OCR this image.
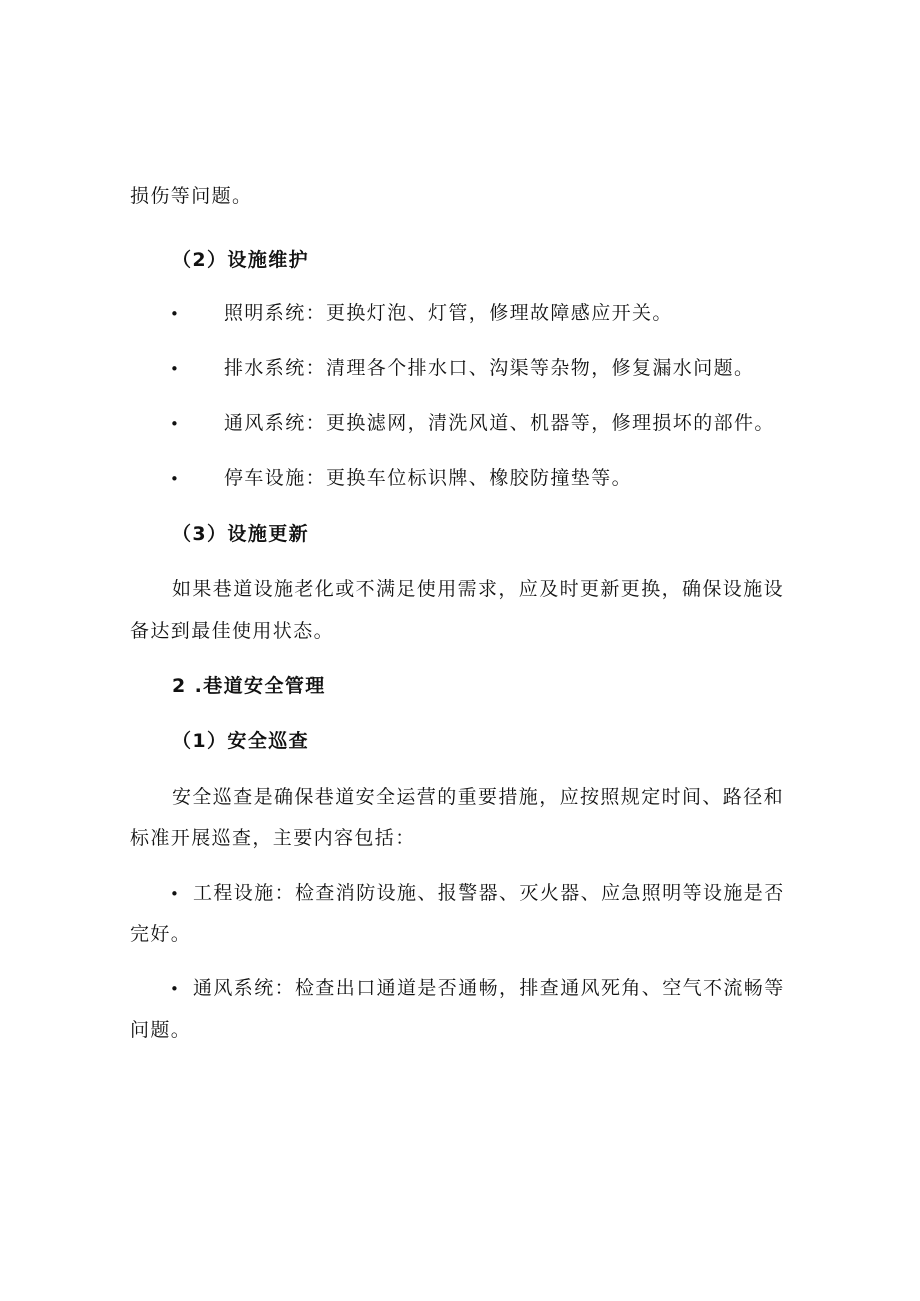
损伤等问题。

（2）设施维护

• 照明系统：更换灯泡、灯管，修理故障感应开关。

• 排水系统：清理各个排水口、沟渠等杂物，修复漏水问题。

• 通风系统：更换滤网，清洗风道、机器等，修理损坏的部件。

• 停车设施：更换车位标识牌、橡胶防撞垫等。

（3）设施更新

如果巷道设施老化或不满足使用需求，应及时更新更换，确保设施设

备达到最佳使用状态。

2 .巷道安全管理

（1）安全巡查

安全巡查是确保巷道安全运营的重要措施，应按照规定时间、路径和

标准开展巡查，主要内容包括：

• 工程设施：检查消防设施、报警器、灭火器、应急照明等设施是否

完好。

• 通风系统：检查出口通道是否通畅，排查通风死角、空气不流畅等

问题。
